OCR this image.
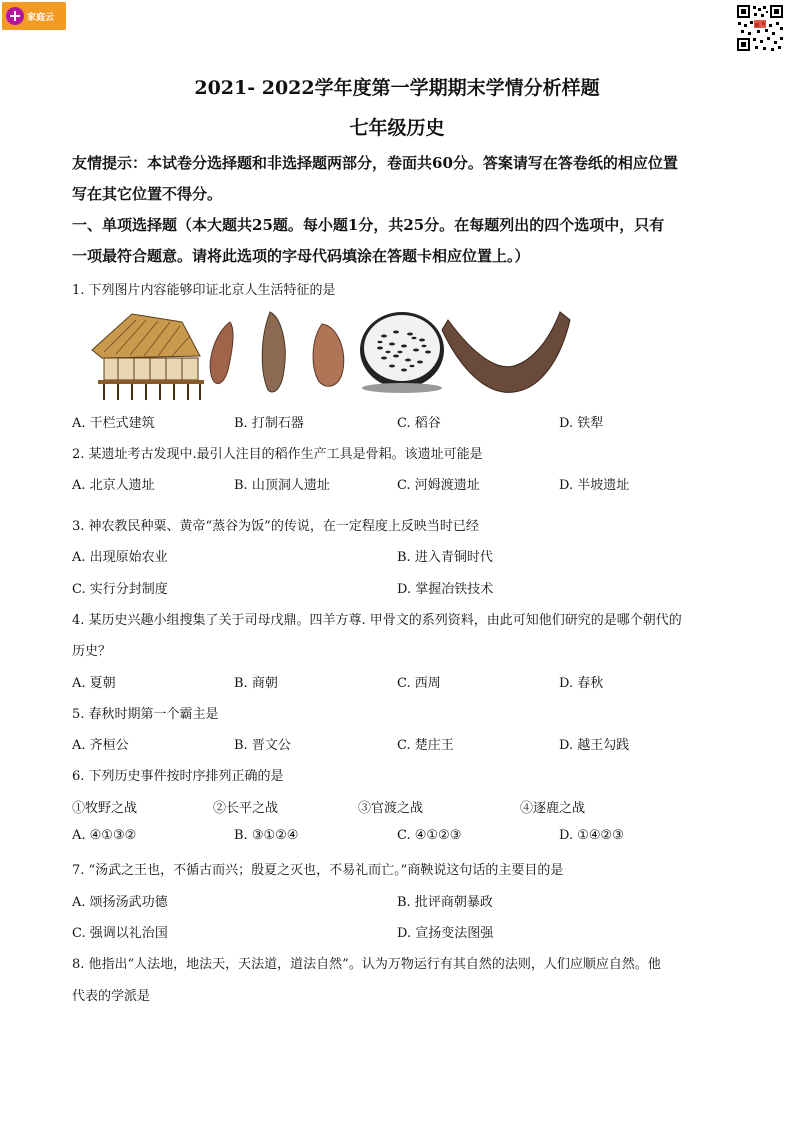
家庭云
2021- 2022学年度第一学期期末学情分析样题
七年级历史
友情提示：本试卷分选择题和非选择题两部分，卷面共60分。答案请写在答卷纸的相应位置
写在其它位置不得分。
一、单项选择题（本大题共25题。每小题1分，共25分。在每题列出的四个选项中，只有
一项最符合题意。请将此选项的字母代码填涂在答题卡相应位置上。）
1. 下列图片内容能够印证北京人生活特征的是
A. 干栏式建筑	B. 打制石器	C. 稻谷	D. 铁犁
2. 某遗址考古发现中.最引人注目的稻作生产工具是骨耜。该遗址可能是
A. 北京人遗址	B. 山顶洞人遗址	C. 河姆渡遗址	D. 半坡遗址
3. 神农教民种粟、黄帝“蒸谷为饭”的传说，在一定程度上反映当时已经
A. 出现原始农业	B. 进入青铜时代
C. 实行分封制度	D. 掌握冶铁技术
4. 某历史兴趣小组搜集了关于司母戊鼎。四羊方尊. 甲骨文的系列资料，由此可知他们研究的是哪个朝代的
历史？
A. 夏朝	B. 商朝	C. 西周	D. 春秋
5. 春秋时期第一个霸主是
A. 齐桓公	B. 晋文公	C. 楚庄王	D. 越王勾践
6. 下列历史事件按时序排列正确的是
①牧野之战	②长平之战	③官渡之战	④逐鹿之战
A. ④①③②	B. ③①②④	C. ④①②③	D. ①④②③
7. “汤武之王也，不循古而兴；殷夏之灭也，不易礼而亡。”商鞅说这句话的主要目的是
A. 颂扬汤武功德	B. 批评商朝暴政
C. 强调以礼治国	D. 宣扬变法图强
8. 他指出“人法地，地法天，天法道，道法自然”。认为万物运行有其自然的法则，人们应顺应自然。他
代表的学派是
